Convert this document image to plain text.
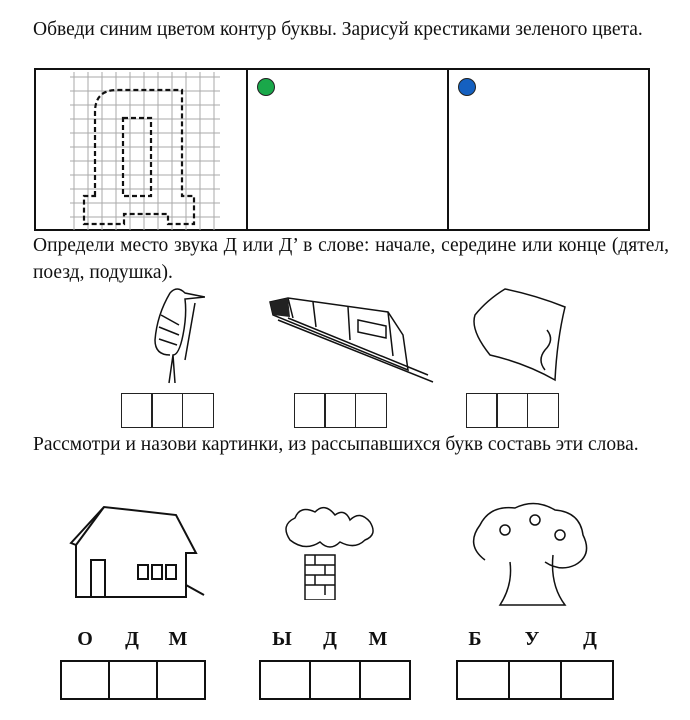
Обведи синим цветом контур буквы. Зарисуй крестиками зеленого цвета.
Определи место звука Д или Д’ в слове: начале, середине или конце (дятел, поезд, подушка).
Рассмотри и назови картинки, из рассыпавшихся букв составь эти слова.
О	Д	М	Ы	Д	М	Б	У	Д
